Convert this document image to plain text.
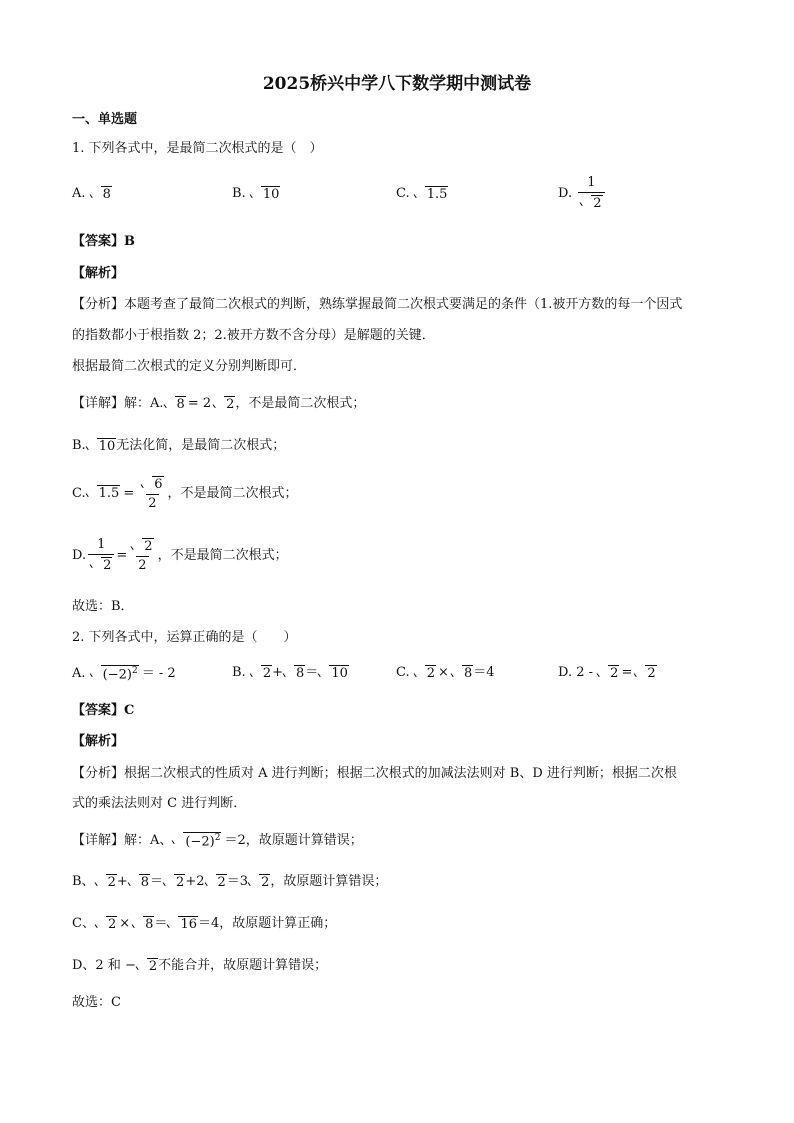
2025桥兴中学八下数学期中测试卷
一、单选题
1. 下列各式中，是最简二次根式的是（　）
A.
	8	B.
	10	C.
	1.5	D.
$\frac{1}{2}$
【答案】B
【解析】
【分析】本题考查了最简二次根式的判断，熟练掌握最简二次根式要满足的条件（1.被开方数的每一个因式
的指数都小于根指数 2；2.被开方数不含分母）是解题的关键．
根据最简二次根式的定义分别判断即可．
【详解】解：A.	8 = 2	2 ，不是最简二次根式；
B.	10 无法化简，是最简二次根式；
C.	$1.5 = \frac{6}{2}$ ，不是最简二次根式；
D. $\frac{1}{2} = \frac{2}{2}$ ，不是最简二次根式；
故选：B．
2. 下列各式中，运算正确的是（　　）
A.
	$(-2)^2$ ＝ - 2	B.
	2 +	8 ＝	10	C.
	2 ×	8 ＝4	D. 2 -
	2 =	2
【答案】C
【解析】
【分析】根据二次根式的性质对 A 进行判断；根据二次根式的加减法法则对 B、D 进行判断；根据二次根
式的乘法法则对 C 进行判断．
【详解】解：A、	$(-2)^2 =2$，故原题计算错误；
B、	2 +	8 ＝	2 +2	2 ＝3	2 ，故原题计算错误；
C、	2 ×	8 ＝	16 ＝4，故原题计算正确；
D、2 和 −	2 不能合并，故原题计算错误；
故选：C
